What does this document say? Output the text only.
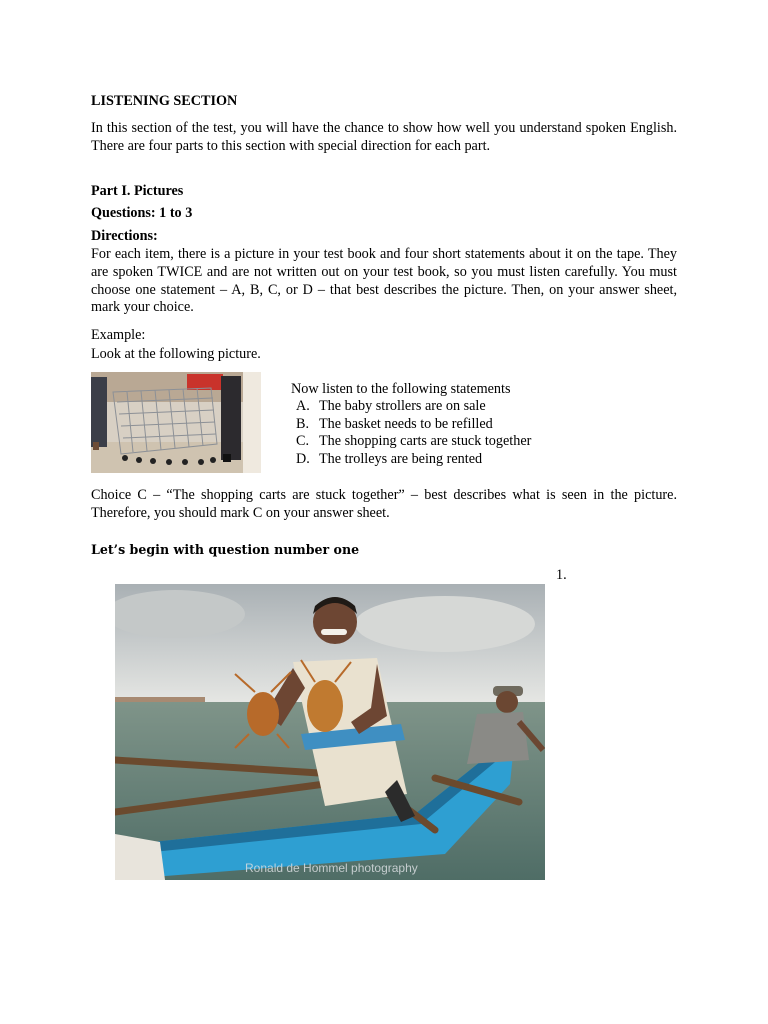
LISTENING SECTION
In this section of the test, you will have the chance to show how well you understand spoken English. There are four parts to this section with special direction for each part.
Part I. Pictures
Questions: 1 to 3
Directions:
For each item, there is a picture in your test book and four short statements about it on the tape. They are spoken TWICE and are not written out on your test book, so you must listen carefully. You must choose one statement – A, B, C, or D – that best describes the picture. Then, on your answer sheet, mark your choice.
Example:
Look at the following picture.
Now listen to the following statements
A. The baby strollers are on sale
B. The basket needs to be refilled
C. The shopping carts are stuck together
D. The trolleys are being rented
Choice C – “The shopping carts are stuck together” – best describes what is seen in the picture. Therefore, you should mark C on your answer sheet.
Let’s begin with question number one
1.
Ronald de Hommel photography
